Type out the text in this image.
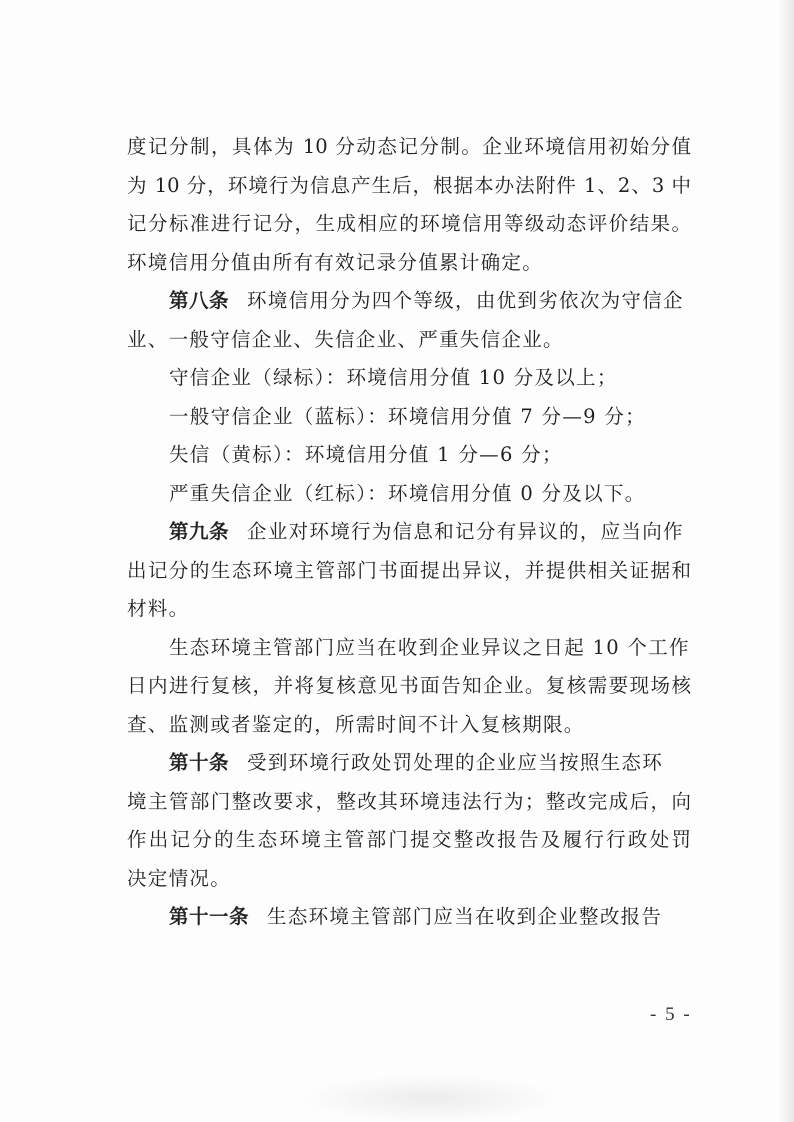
度记分制，具体为 10 分动态记分制。企业环境信用初始分值
为 10 分，环境行为信息产生后，根据本办法附件 1、2、3 中
记分标准进行记分，生成相应的环境信用等级动态评价结果。
环境信用分值由所有有效记录分值累计确定。
第八条 环境信用分为四个等级，由优到劣依次为守信企
业、一般守信企业、失信企业、严重失信企业。
守信企业（绿标）：环境信用分值 10 分及以上；
一般守信企业（蓝标）：环境信用分值 7 分—9 分；
失信（黄标）：环境信用分值 1 分—6 分；
严重失信企业（红标）：环境信用分值 0 分及以下。
第九条 企业对环境行为信息和记分有异议的，应当向作
出记分的生态环境主管部门书面提出异议，并提供相关证据和
材料。
生态环境主管部门应当在收到企业异议之日起 10 个工作
日内进行复核，并将复核意见书面告知企业。复核需要现场核
查、监测或者鉴定的，所需时间不计入复核期限。
第十条 受到环境行政处罚处理的企业应当按照生态环
境主管部门整改要求，整改其环境违法行为；整改完成后，向
作出记分的生态环境主管部门提交整改报告及履行行政处罚
决定情况。
第十一条 生态环境主管部门应当在收到企业整改报告
- 5 -
